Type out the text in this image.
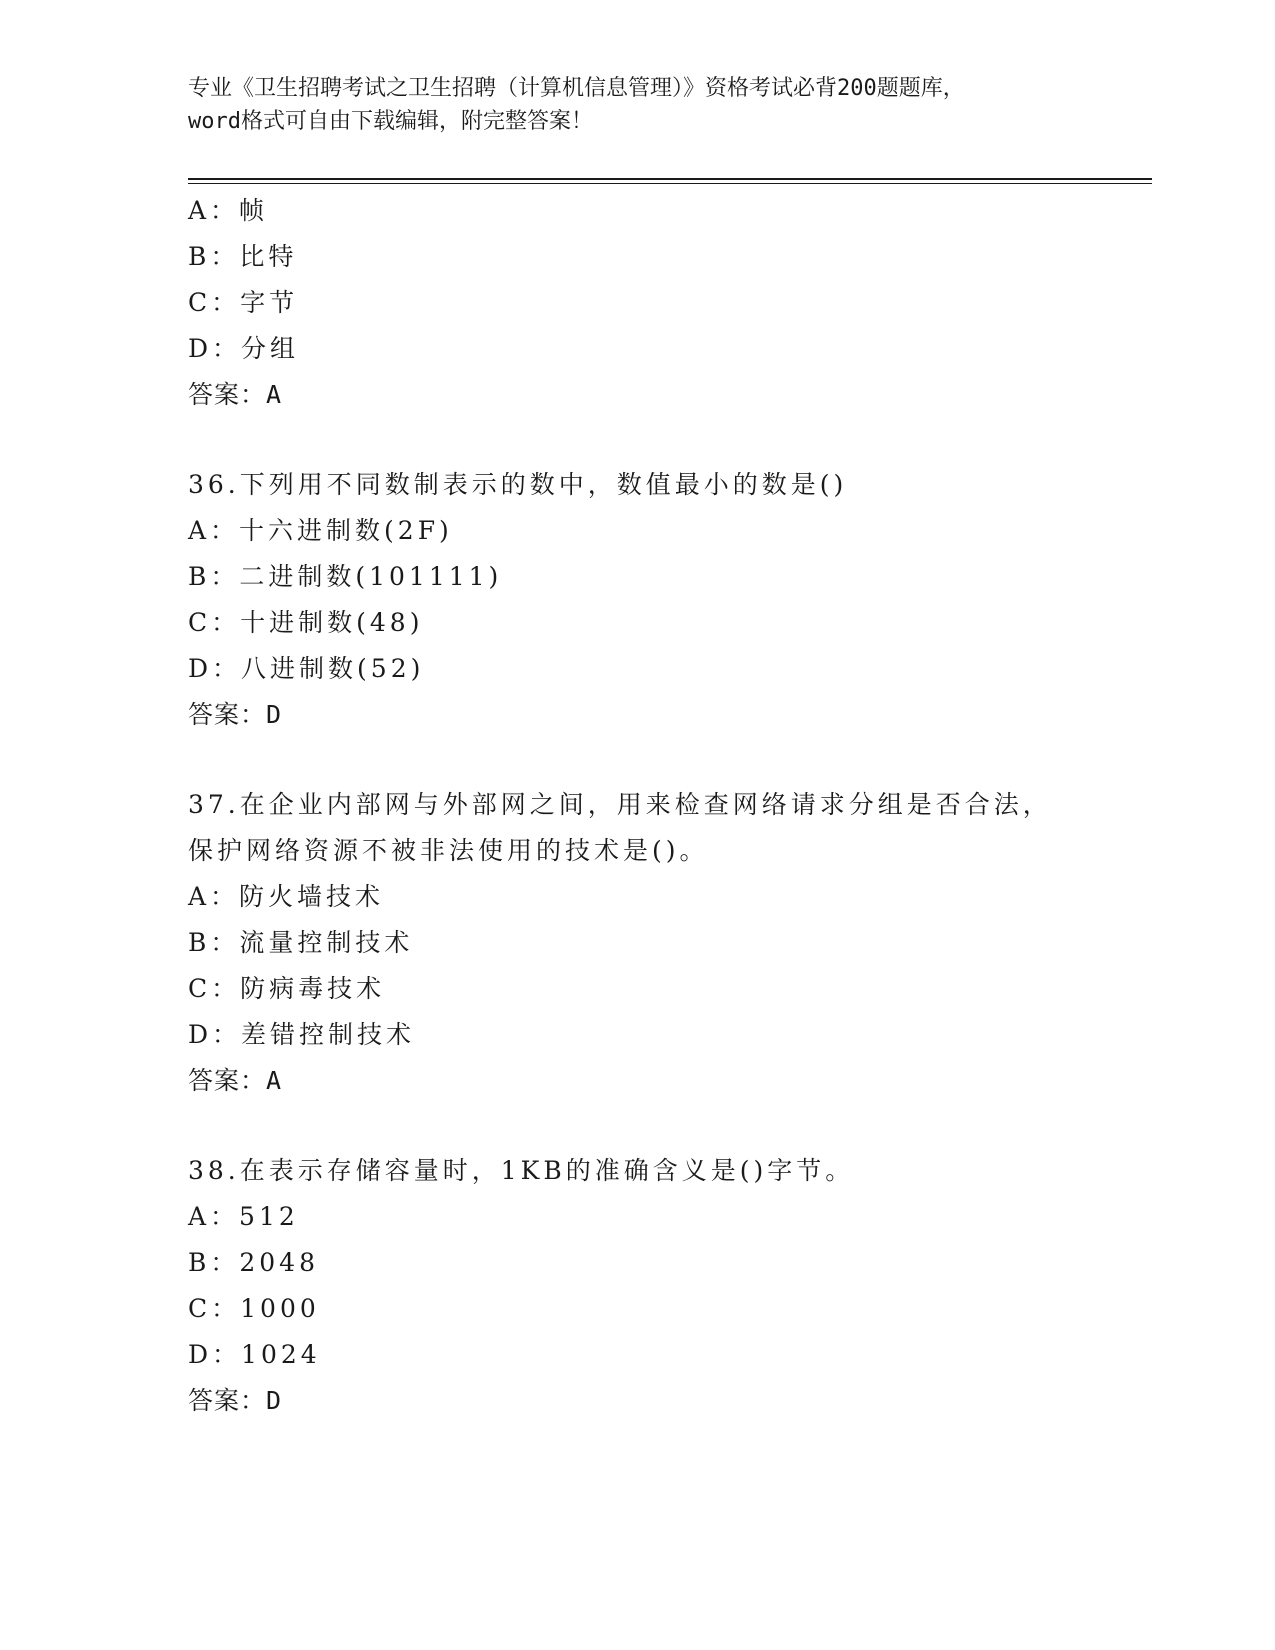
专业《卫生招聘考试之卫生招聘（计算机信息管理）》资格考试必背200题题库，
word格式可自由下载编辑，附完整答案！
A：帧
B：比特
C：字节
D：分组
答案：A
36.下列用不同数制表示的数中，数值最小的数是()
A：十六进制数(2F)
B：二进制数(101111)
C：十进制数(48)
D：八进制数(52)
答案：D
37.在企业内部网与外部网之间，用来检查网络请求分组是否合法，保护网络资源不被非法使用的技术是()。
A：防火墙技术
B：流量控制技术
C：防病毒技术
D：差错控制技术
答案：A
38.在表示存储容量时，1KB的准确含义是()字节。
A：512
B：2048
C：1000
D：1024
答案：D
